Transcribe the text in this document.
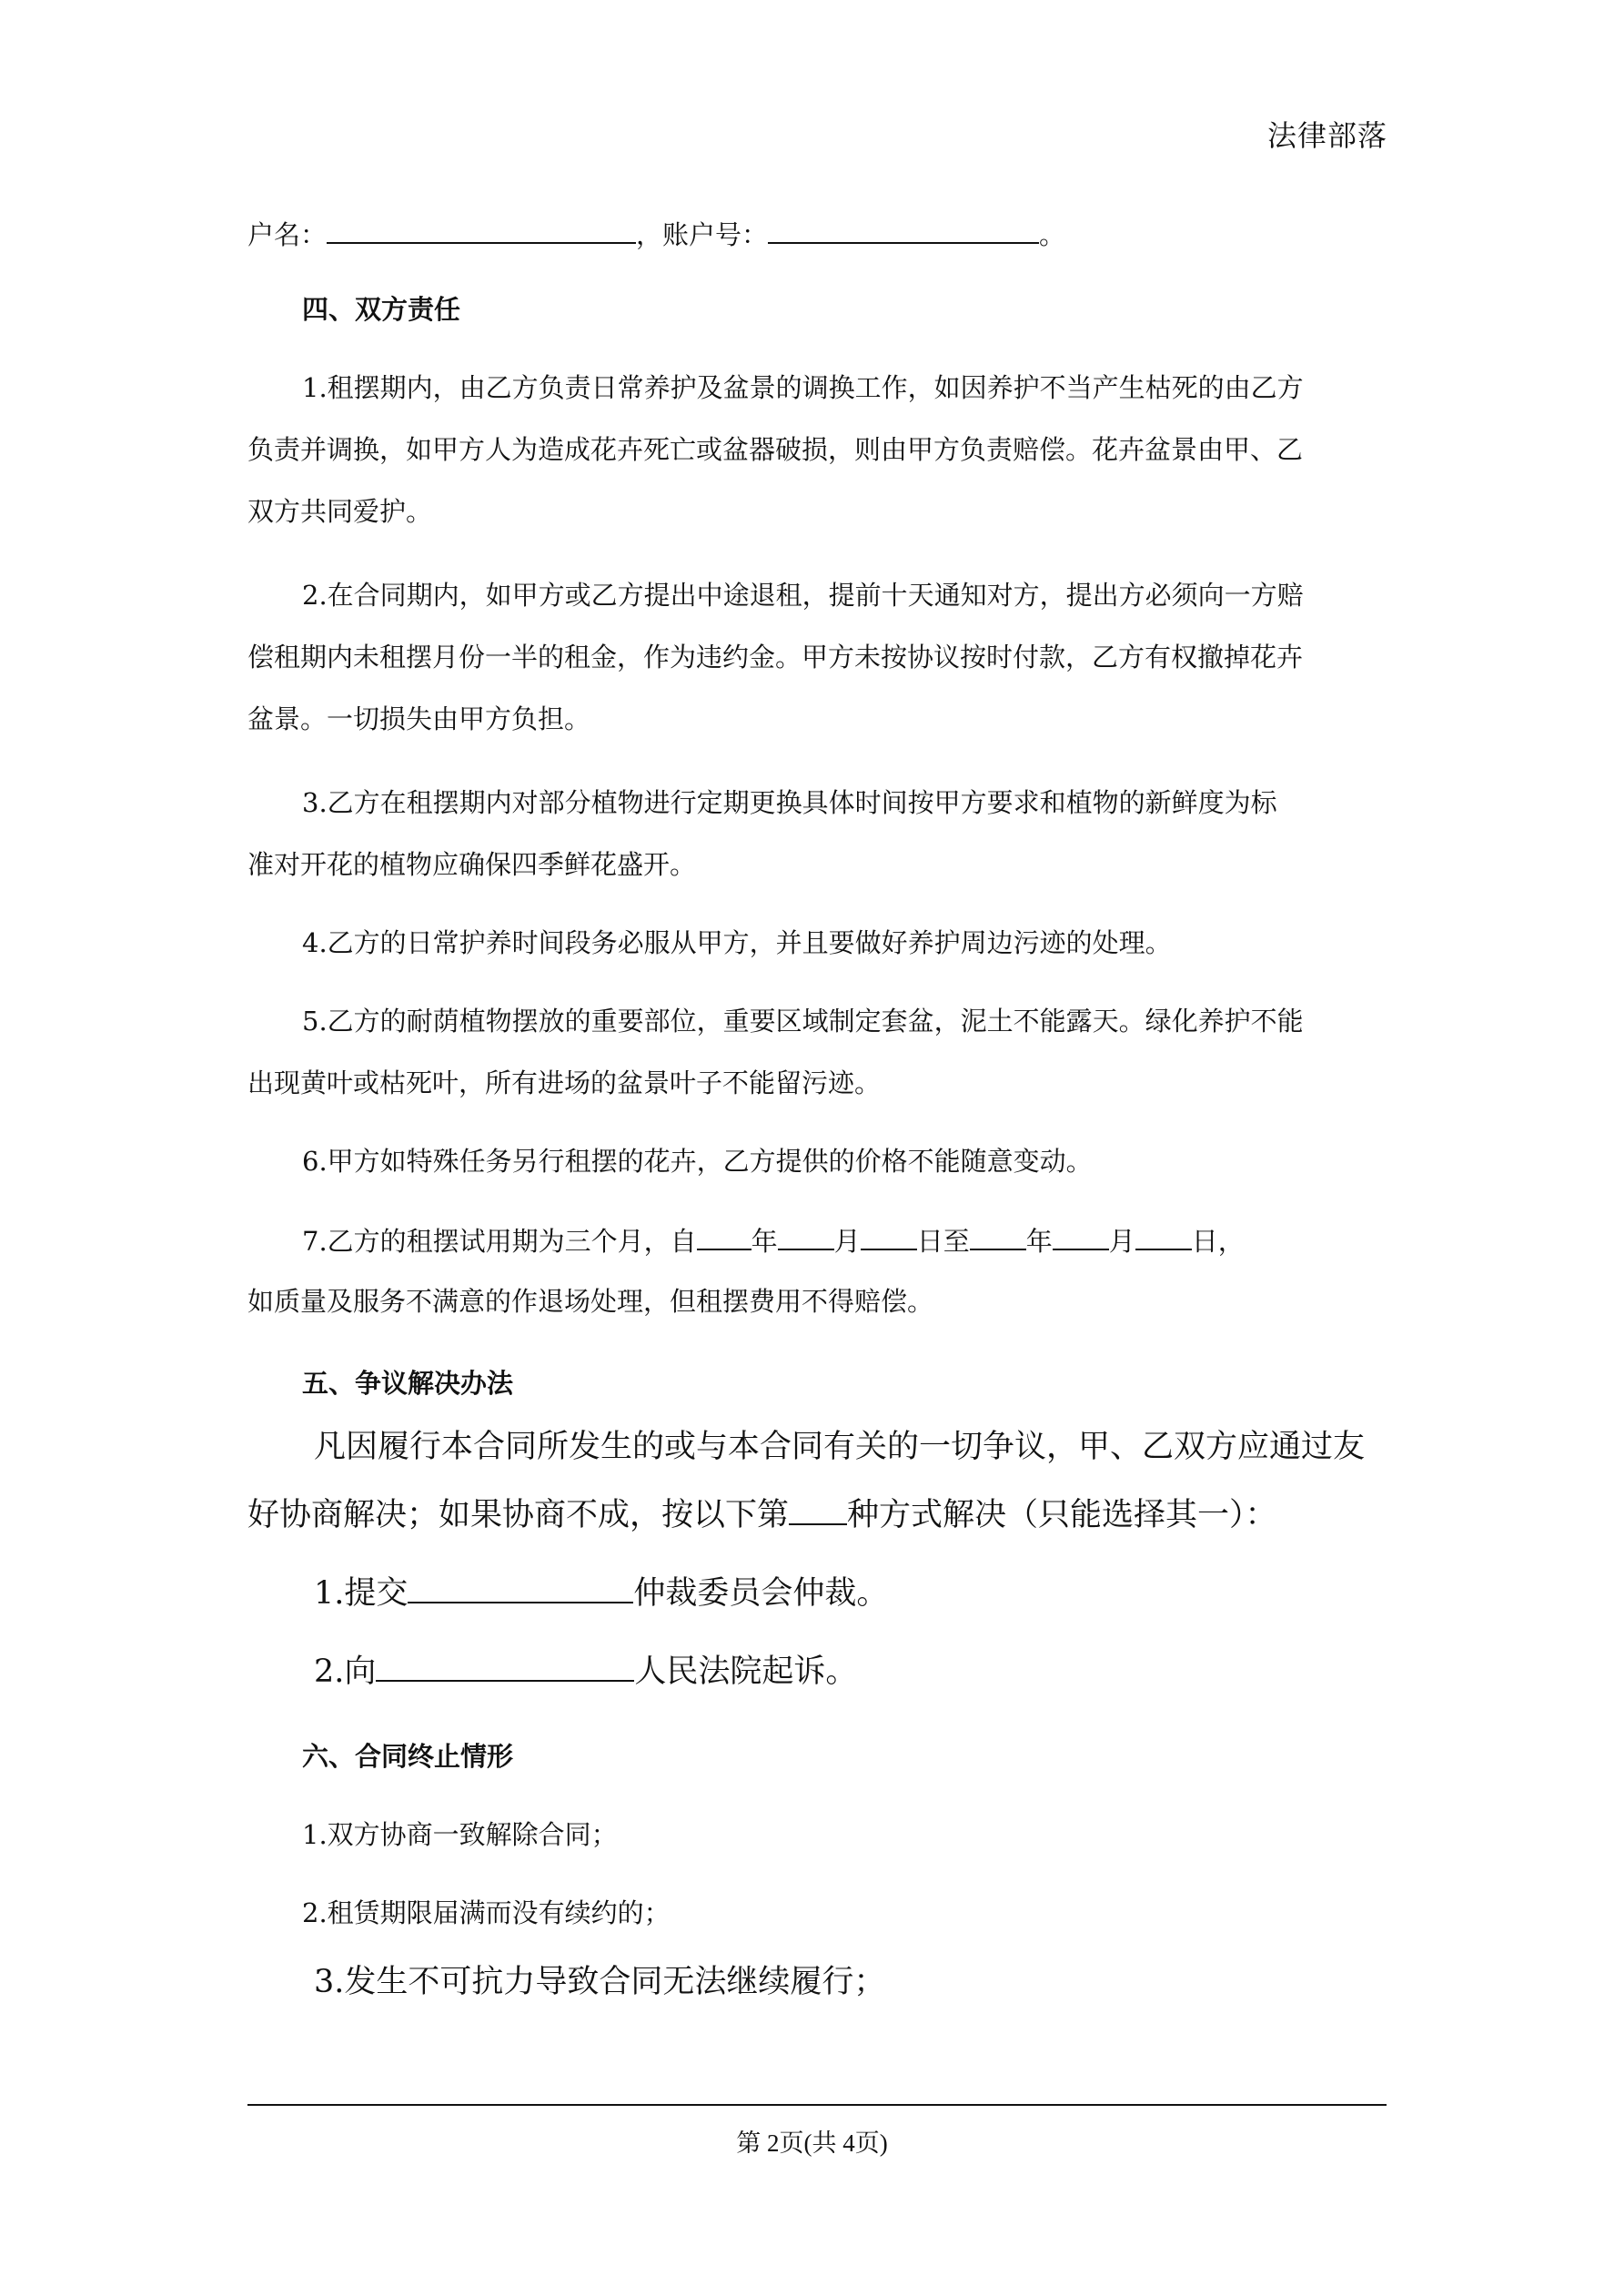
法律部落
户名：	，账户号：	。
四、双方责任
1.租摆期内，由乙方负责日常养护及盆景的调换工作，如因养护不当产生枯死的由乙方
负责并调换，如甲方人为造成花卉死亡或盆器破损，则由甲方负责赔偿。花卉盆景由甲、乙
双方共同爱护。
2.在合同期内，如甲方或乙方提出中途退租，提前十天通知对方，提出方必须向一方赔
偿租期内未租摆月份一半的租金，作为违约金。甲方未按协议按时付款，乙方有权撤掉花卉
盆景。一切损失由甲方负担。
3.乙方在租摆期内对部分植物进行定期更换具体时间按甲方要求和植物的新鲜度为标
准对开花的植物应确保四季鲜花盛开。
4.乙方的日常护养时间段务必服从甲方，并且要做好养护周边污迹的处理。
5.乙方的耐荫植物摆放的重要部位，重要区域制定套盆，泥土不能露天。绿化养护不能
出现黄叶或枯死叶，所有进场的盆景叶子不能留污迹。
6.甲方如特殊任务另行租摆的花卉，乙方提供的价格不能随意变动。
7.乙方的租摆试用期为三个月，自 年 月 日至 年 月 日，
如质量及服务不满意的作退场处理，但租摆费用不得赔偿。
五、争议解决办法
凡因履行本合同所发生的或与本合同有关的一切争议，甲、乙双方应通过友
好协商解决；如果协商不成，按以下第 种方式解决（只能选择其一）：
1.提交	仲裁委员会仲裁。
2.向	人民法院起诉。
六、合同终止情形
1.双方协商一致解除合同；
2.租赁期限届满而没有续约的；
3.发生不可抗力导致合同无法继续履行；
第 2页(共 4页)
